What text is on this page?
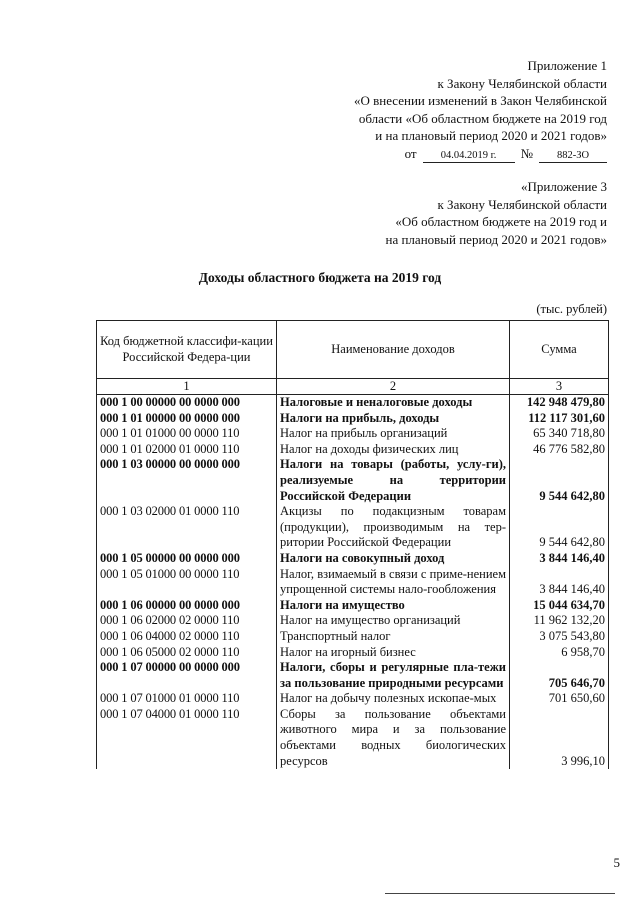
Приложение 1
к Закону Челябинской области
«О внесении изменений в Закон Челябинской
области «Об областном бюджете на 2019 год
и на плановый период 2020 и 2021 годов»
от 04.04.2019 г. № 882-ЗО
«Приложение 3
к Закону Челябинской области
«Об областном бюджете на 2019 год и
на плановый период 2020 и 2021 годов»
Доходы областного бюджета на 2019 год
(тыс. рублей)
Код бюджетной классифи-кации Российской Федера-ции	Наименование доходов	Сумма
1	2	3
000 1 00 00000 00 0000 000	Налоговые и неналоговые доходы	142 948 479,80
000 1 01 00000 00 0000 000	Налоги на прибыль, доходы	112 117 301,60
000 1 01 01000 00 0000 110	Налог на прибыль организаций	65 340 718,80
000 1 01 02000 01 0000 110	Налог на доходы физических лиц	46 776 582,80
000 1 03 00000 00 0000 000	Налоги на товары (работы, услу-ги), реализуемые на территории Российской Федерации	9 544 642,80
000 1 03 02000 01 0000 110	Акцизы по подакцизным товарам (продукции), производимым на тер-ритории Российской Федерации	9 544 642,80
000 1 05 00000 00 0000 000	Налоги на совокупный доход	3 844 146,40
000 1 05 01000 00 0000 110	Налог, взимаемый в связи с приме-нением упрощенной системы нало-гообложения	3 844 146,40
000 1 06 00000 00 0000 000	Налоги на имущество	15 044 634,70
000 1 06 02000 02 0000 110	Налог на имущество организаций	11 962 132,20
000 1 06 04000 02 0000 110	Транспортный налог	3 075 543,80
000 1 06 05000 02 0000 110	Налог на игорный бизнес	6 958,70
000 1 07 00000 00 0000 000	Налоги, сборы и регулярные пла-тежи за пользование природными ресурсами	705 646,70
000 1 07 01000 01 0000 110	Налог на добычу полезных ископае-мых	701 650,60
000 1 07 04000 01 0000 110	Сборы за пользование объектами животного мира и за пользование объектами водных биологических ресурсов	3 996,10
5
